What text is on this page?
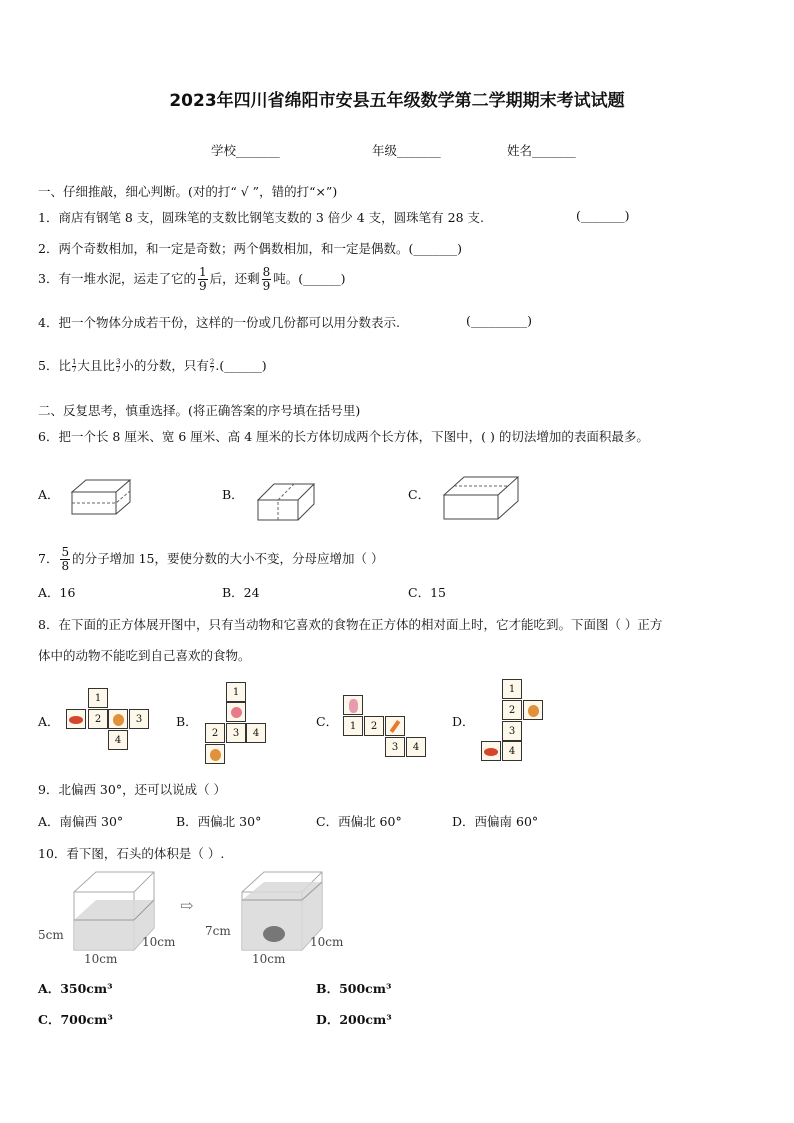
2023年四川省绵阳市安县五年级数学第二学期期末考试试题
学校_______	年级_______	姓名_______
一、仔细推敲，细心判断。(对的打“ √ ”，错的打“×”)
1．商店有钢笔 8 支，圆珠笔的支数比钢笔支数的 3 倍少 4 支，圆珠笔有 28 支.	(_______)
2．两个奇数相加，和一定是奇数；两个偶数相加，和一定是偶数。(_______)
3．有一堆水泥，运走了它的 $\frac{1}{9}$ 后，还剩 $\frac{8}{9}$ 吨。(______)
4．把一个物体分成若干份，这样的一份或几份都可以用分数表示.	(_________)
5．比 $\frac{1}{7}$ 大且比 $\frac{3}{7}$ 小的分数，只有 $\frac{2}{7}$ .(______)
二、反复思考，慎重选择。(将正确答案的序号填在括号里)
6．把一个长 8 厘米、宽 6 厘米、高 4 厘米的长方体切成两个长方体，下图中，( ) 的切法增加的表面积最多。
A．	B．	C．
7． $\frac{5}{8}$ 的分子增加 15，要使分数的大小不变，分母应增加（ ）
A．16	B．24	C．15
8．在下面的正方体展开图中，只有当动物和它喜欢的食物在正方体的相对面上时，它才能吃到。下面图（ ）正方
体中的动物不能吃到自己喜欢的食物。
A．
1
2	3
4
B．
1
2	3	4
C．	1	2
3	4
D．
1
2
3
4
9．北偏西 30°，还可以说成（ ）
A．南偏西 30°	B．西偏北 30°	C．西偏北 60°	D．西偏南 60°
10．看下图，石头的体积是（ ）.
5cm	10cm
10cm
⇨
7cm
10cm
10cm
A．350cm³	B．500cm³
C．700cm³	D．200cm³
